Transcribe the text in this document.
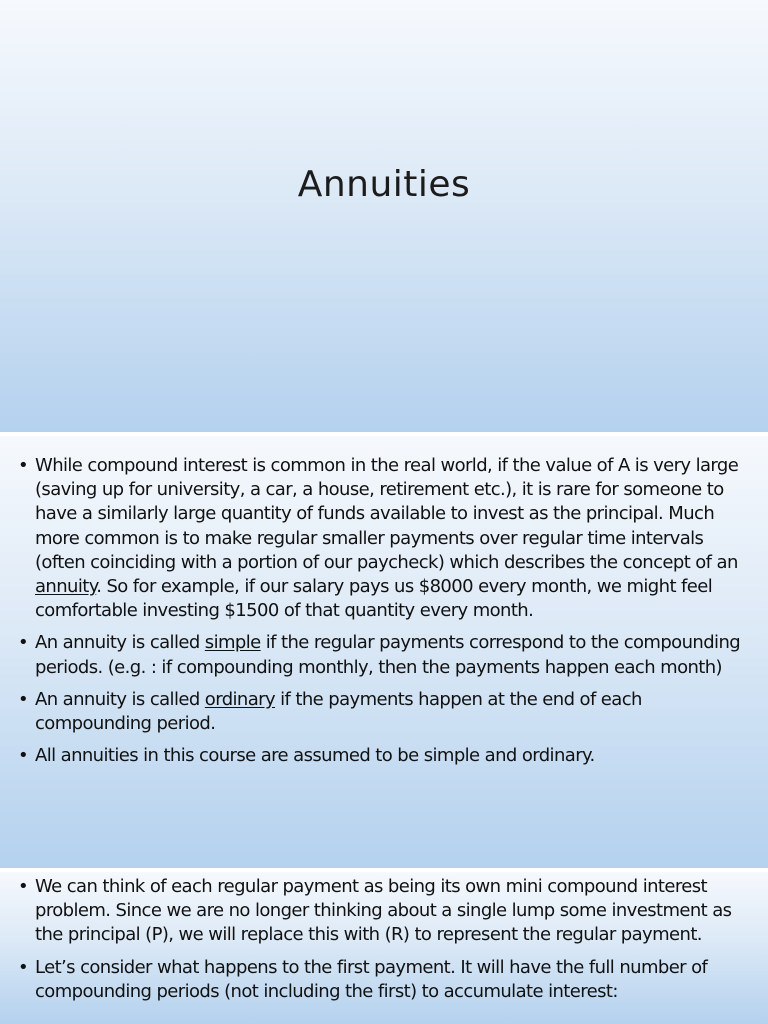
Annuities
• While compound interest is common in the real world, if the value of A is very large (saving up for university, a car, a house, retirement etc.), it is rare for someone to have a similarly large quantity of funds available to invest as the principal. Much more common is to make regular smaller payments over regular time intervals (often coinciding with a portion of our paycheck) which describes the concept of an annuity. So for example, if our salary pays us $8000 every month, we might feel comfortable investing $1500 of that quantity every month.
• An annuity is called simple if the regular payments correspond to the compounding periods. (e.g. : if compounding monthly, then the payments happen each month)
• An annuity is called ordinary if the payments happen at the end of each compounding period.
• All annuities in this course are assumed to be simple and ordinary.
• We can think of each regular payment as being its own mini compound interest problem. Since we are no longer thinking about a single lump some investment as the principal (P), we will replace this with (R) to represent the regular payment.
• Let’s consider what happens to the first payment. It will have the full number of compounding periods (not including the first) to accumulate interest:
